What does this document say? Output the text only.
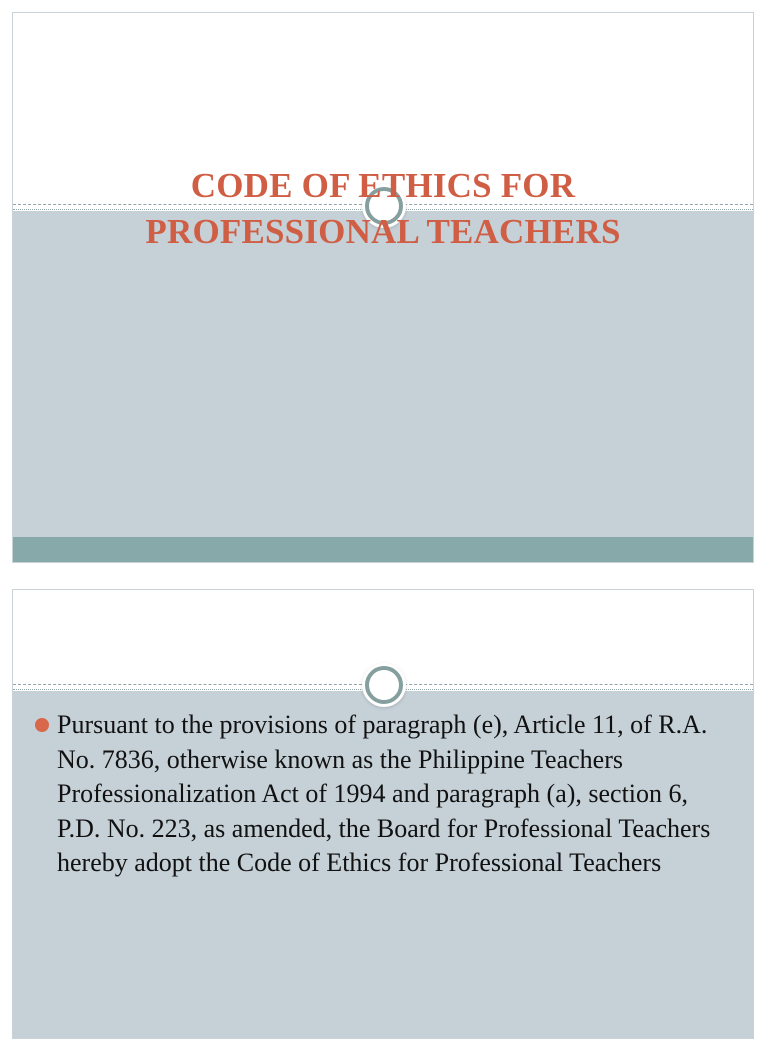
CODE OF ETHICS FOR
PROFESSIONAL TEACHERS

Pursuant to the provisions of paragraph (e), Article 11, of R.A. No. 7836, otherwise known as the Philippine Teachers Professionalization Act of 1994 and paragraph (a), section 6, P.D. No. 223, as amended, the Board for Professional Teachers hereby adopt the Code of Ethics for Professional Teachers
